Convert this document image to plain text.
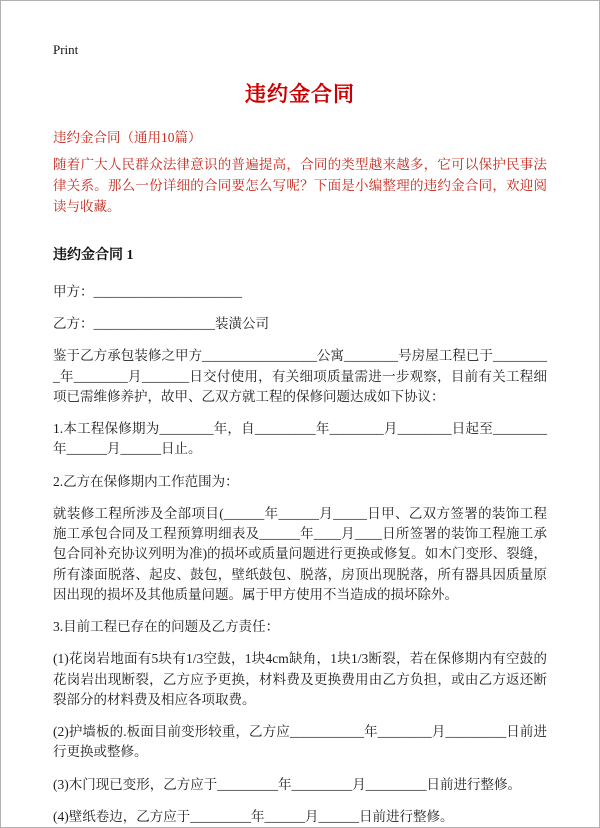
Print
违约金合同

违约金合同（通用10篇）

随着广大人民群众法律意识的普遍提高，合同的类型越来越多，它可以保护民事法律关系。那么一份详细的合同要怎么写呢？下面是小编整理的违约金合同，欢迎阅读与收藏。

违约金合同 1

甲方：______________________

乙方：__________________装潢公司

鉴于乙方承包装修之甲方_________________公寓________号房屋工程已于_________年________月_______日交付使用，有关细项质量需进一步观察，目前有关工程细项已需维修养护，故甲、乙双方就工程的保修问题达成如下协议：

1.本工程保修期为________年，自_________年________月________日起至________年______月______日止。

2.乙方在保修期内工作范围为：

就装修工程所涉及全部项目(______年______月_____日甲、乙双方签署的装饰工程施工承包合同及工程预算明细表及______年____月____日所签署的装饰工程施工承包合同补充协议列明为准)的损坏或质量问题进行更换或修复。如木门变形、裂缝，所有漆面脱落、起皮、鼓包，壁纸鼓包、脱落，房顶出现脱落，所有器具因质量原因出现的损坏及其他质量问题。属于甲方使用不当造成的损坏除外。

3.目前工程已存在的问题及乙方责任：

(1)花岗岩地面有5块有1/3空鼓，1块4cm缺角，1块1/3断裂，若在保修期内有空鼓的花岗岩出现断裂，乙方应予更换，材料费及更换费用由乙方负担，或由乙方返还断裂部分的材料费及相应各项取费。

(2)护墙板的.板面目前变形较重，乙方应___________年________月_________日前进行更换或整修。

(3)木门现已变形，乙方应于_________年_________月_________日前进行整修。

(4)壁纸卷边，乙方应于_________年______月______日前进行整修。
